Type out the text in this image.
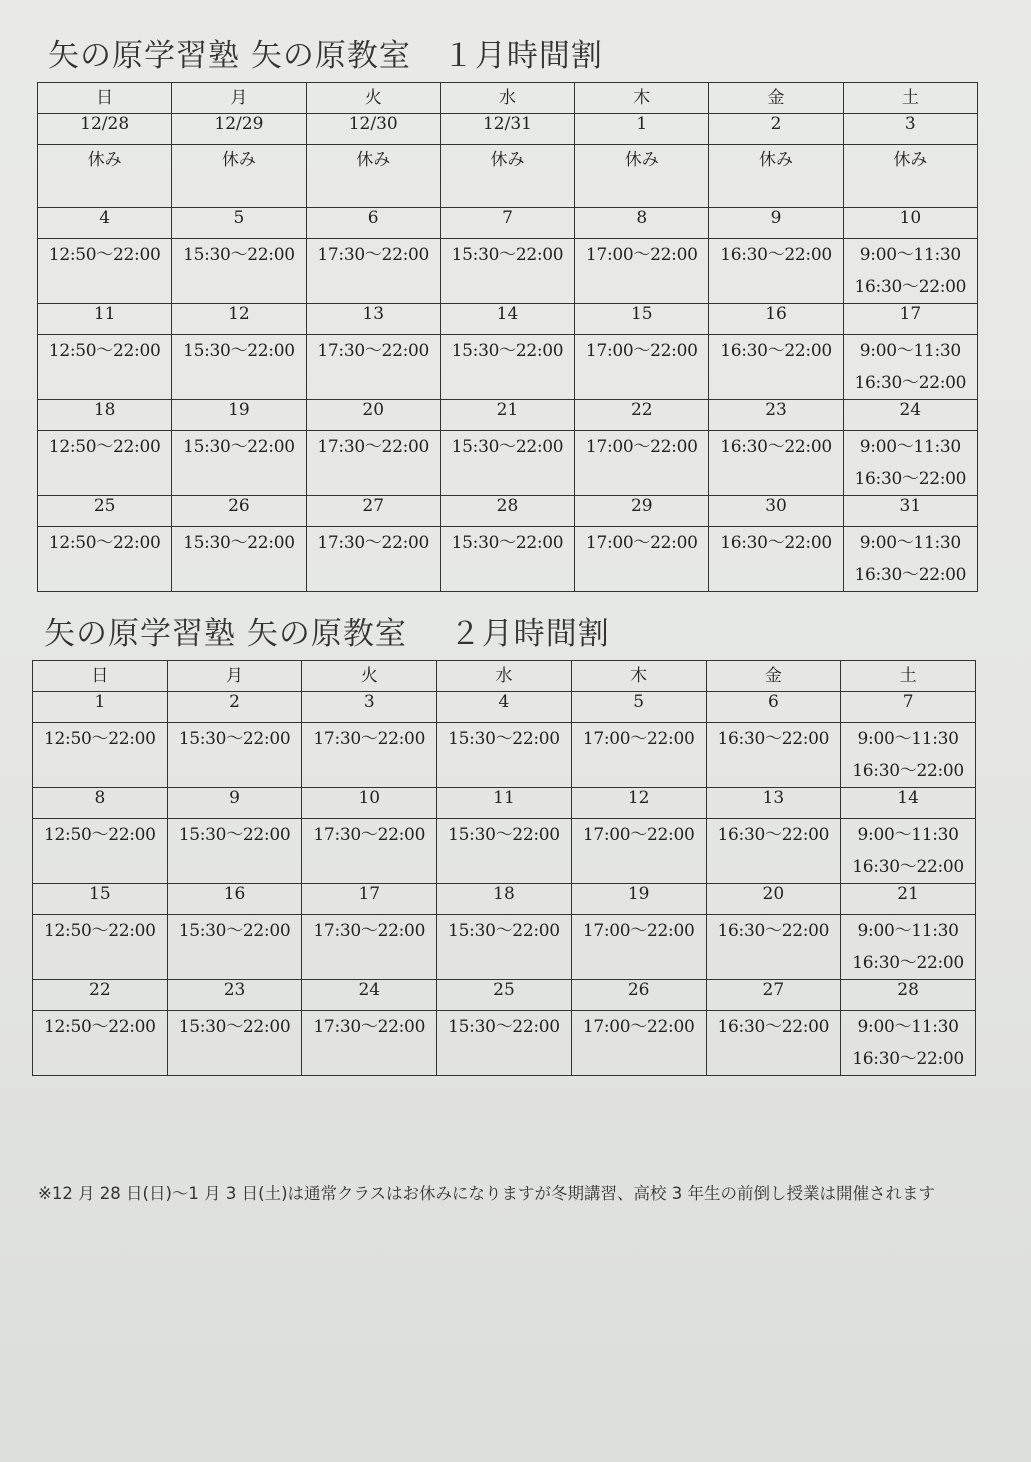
矢の原学習塾 矢の原教室　１月時間割
日	月	火	水	木	金	土
12/28	12/29	12/30	12/31	1	2	3
休み	休み	休み	休み	休み	休み	休み
4	5	6	7	8	9	10

12:50～22:00	15:30～22:00	17:30～22:00	15:30～22:00	17:00～22:00	16:30～22:00	9:00～11:30
16:30～22:00

11	12	13	14	15	16	17

12:50～22:00	15:30～22:00	17:30～22:00	15:30～22:00	17:00～22:00	16:30～22:00	9:00～11:30
16:30～22:00

18	19	20	21	22	23	24

12:50～22:00	15:30～22:00	17:30～22:00	15:30～22:00	17:00～22:00	16:30～22:00	9:00～11:30
16:30～22:00

25	26	27	28	29	30	31

12:50～22:00	15:30～22:00	17:30～22:00	15:30～22:00	17:00～22:00	16:30～22:00	9:00～11:30
16:30～22:00
矢の原学習塾 矢の原教室　 ２月時間割
日	月	火	水	木	金	土
1	2	3	4	5	6	7

12:50～22:00	15:30～22:00	17:30～22:00	15:30～22:00	17:00～22:00	16:30～22:00	9:00～11:30
16:30～22:00

8	9	10	11	12	13	14

12:50～22:00	15:30～22:00	17:30～22:00	15:30～22:00	17:00～22:00	16:30～22:00	9:00～11:30
16:30～22:00

15	16	17	18	19	20	21

12:50～22:00	15:30～22:00	17:30～22:00	15:30～22:00	17:00～22:00	16:30～22:00	9:00～11:30
16:30～22:00

22	23	24	25	26	27	28

12:50～22:00	15:30～22:00	17:30～22:00	15:30～22:00	17:00～22:00	16:30～22:00	9:00～11:30
16:30～22:00
※12 月 28 日(日)～1 月 3 日(土)は通常クラスはお休みになりますが冬期講習、高校 3 年生の前倒し授業は開催されます
